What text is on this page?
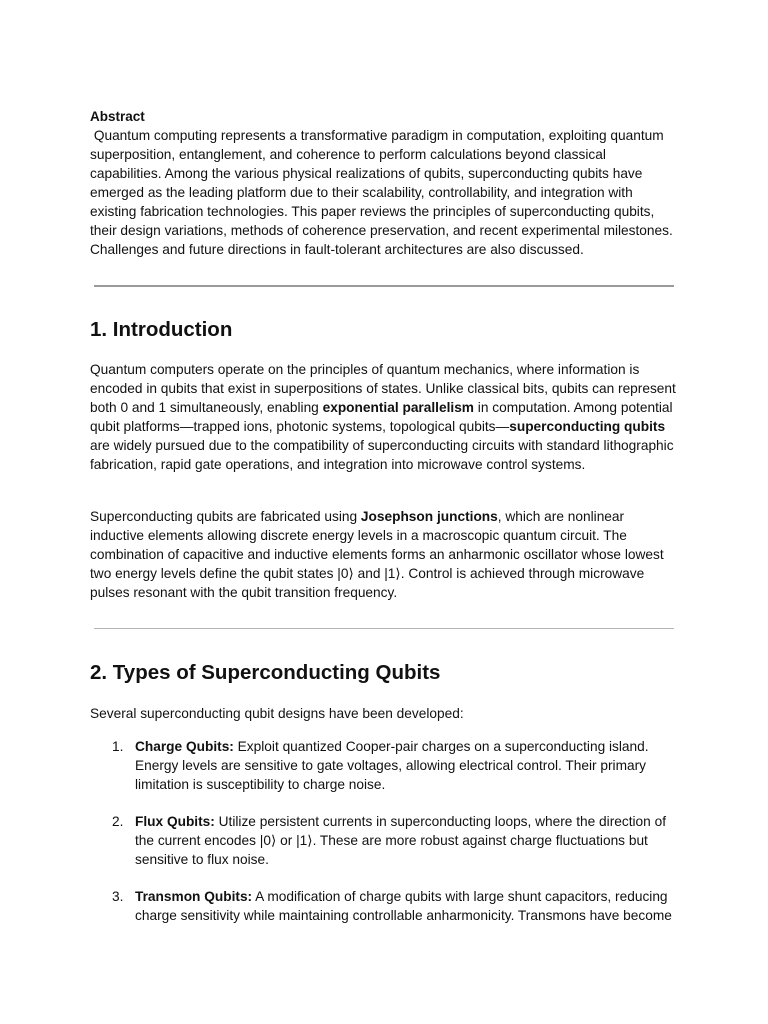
Abstract
Quantum computing represents a transformative paradigm in computation, exploiting quantum superposition, entanglement, and coherence to perform calculations beyond classical capabilities. Among the various physical realizations of qubits, superconducting qubits have emerged as the leading platform due to their scalability, controllability, and integration with existing fabrication technologies. This paper reviews the principles of superconducting qubits, their design variations, methods of coherence preservation, and recent experimental milestones. Challenges and future directions in fault-tolerant architectures are also discussed.
1. Introduction

Quantum computers operate on the principles of quantum mechanics, where information is encoded in qubits that exist in superpositions of states. Unlike classical bits, qubits can represent both 0 and 1 simultaneously, enabling exponential parallelism in computation. Among potential qubit platforms—trapped ions, photonic systems, topological qubits—superconducting qubits are widely pursued due to the compatibility of superconducting circuits with standard lithographic fabrication, rapid gate operations, and integration into microwave control systems.

Superconducting qubits are fabricated using Josephson junctions, which are nonlinear inductive elements allowing discrete energy levels in a macroscopic quantum circuit. The combination of capacitive and inductive elements forms an anharmonic oscillator whose lowest two energy levels define the qubit states |0⟩ and |1⟩. Control is achieved through microwave pulses resonant with the qubit transition frequency.

2. Types of Superconducting Qubits

Several superconducting qubit designs have been developed:

1. Charge Qubits: Exploit quantized Cooper-pair charges on a superconducting island. Energy levels are sensitive to gate voltages, allowing electrical control. Their primary limitation is susceptibility to charge noise.
2. Flux Qubits: Utilize persistent currents in superconducting loops, where the direction of the current encodes |0⟩ or |1⟩. These are more robust against charge fluctuations but sensitive to flux noise.
3. Transmon Qubits: A modification of charge qubits with large shunt capacitors, reducing charge sensitivity while maintaining controllable anharmonicity. Transmons have become
